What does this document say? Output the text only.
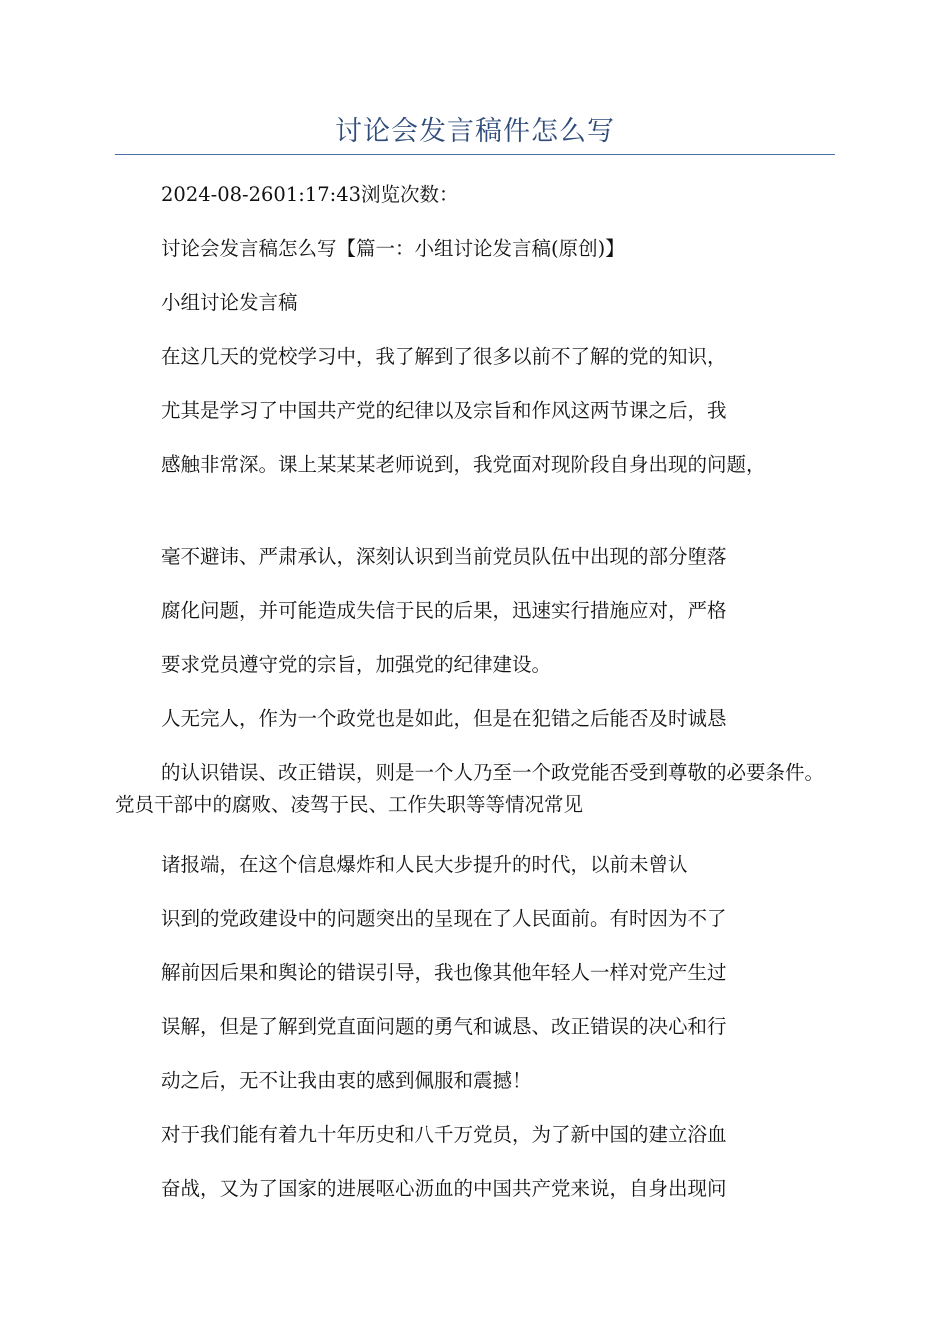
讨论会发言稿件怎么写
2024-08-2601:17:43浏览次数：
讨论会发言稿怎么写【篇一：小组讨论发言稿(原创)】
小组讨论发言稿
在这几天的党校学习中，我了解到了很多以前不了解的党的知识，
尤其是学习了中国共产党的纪律以及宗旨和作风这两节课之后，我
感触非常深。课上某某某老师说到，我党面对现阶段自身出现的问题，
毫不避讳、严肃承认，深刻认识到当前党员队伍中出现的部分堕落
腐化问题，并可能造成失信于民的后果，迅速实行措施应对，严格
要求党员遵守党的宗旨，加强党的纪律建设。
人无完人，作为一个政党也是如此，但是在犯错之后能否及时诚恳
的认识错误、改正错误，则是一个人乃至一个政党能否受到尊敬的必要条件。党员干部中的腐败、凌驾于民、工作失职等等情况常见
诸报端，在这个信息爆炸和人民大步提升的时代，以前未曾认
识到的党政建设中的问题突出的呈现在了人民面前。有时因为不了
解前因后果和舆论的错误引导，我也像其他年轻人一样对党产生过
误解，但是了解到党直面问题的勇气和诚恳、改正错误的决心和行
动之后，无不让我由衷的感到佩服和震撼！
对于我们能有着九十年历史和八千万党员，为了新中国的建立浴血
奋战，又为了国家的进展呕心沥血的中国共产党来说，自身出现问
